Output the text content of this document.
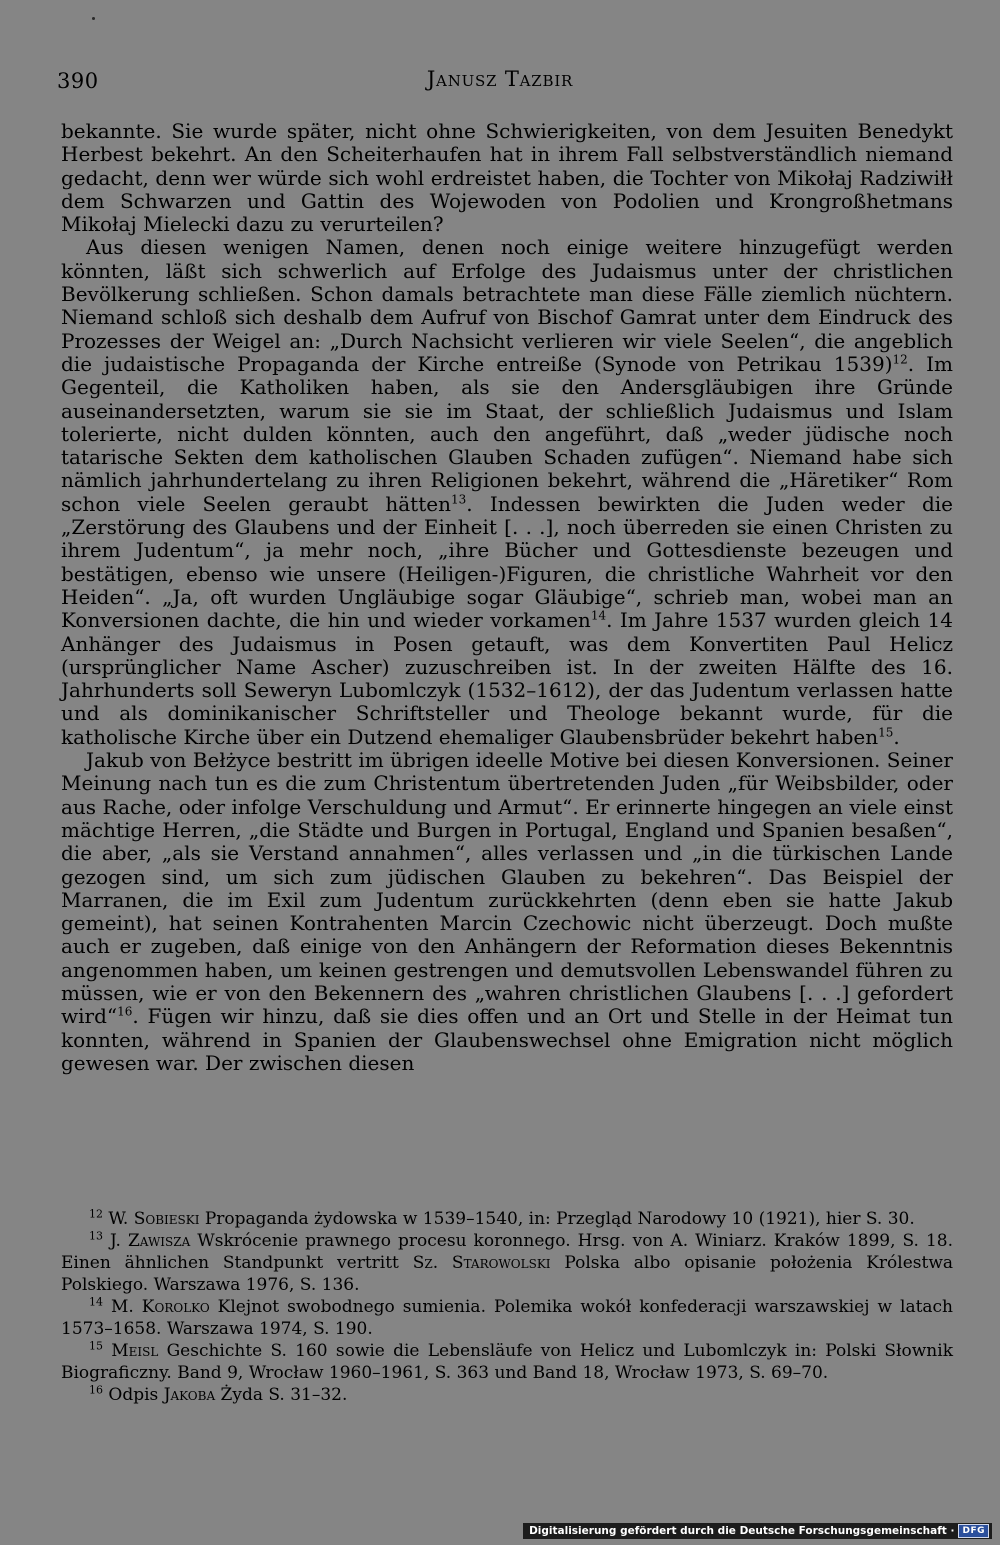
390	Janusz Tazbir

bekannte. Sie wurde später, nicht ohne Schwierigkeiten, von dem Jesuiten Benedykt Herbest bekehrt. An den Scheiterhaufen hat in ihrem Fall selbstverständlich niemand gedacht, denn wer würde sich wohl erdreistet haben, die Tochter von Mikołaj Radziwiłł dem Schwarzen und Gattin des Wojewoden von Podolien und Krongroßhetmans Mikołaj Mielecki dazu zu verurteilen?

Aus diesen wenigen Namen, denen noch einige weitere hinzugefügt werden könnten, läßt sich schwerlich auf Erfolge des Judaismus unter der christlichen Bevölkerung schließen. Schon damals betrachtete man diese Fälle ziemlich nüchtern. Niemand schloß sich deshalb dem Aufruf von Bischof Gamrat unter dem Eindruck des Prozesses der Weigel an: „Durch Nachsicht verlieren wir viele Seelen“, die angeblich die judaistische Propaganda der Kirche entreiße (Synode von Petrikau 1539)$^{12}$. Im Gegenteil, die Katholiken haben, als sie den Andersgläubigen ihre Gründe auseinandersetzten, warum sie sie im Staat, der schließlich Judaismus und Islam tolerierte, nicht dulden könnten, auch den angeführt, daß „weder jüdische noch tatarische Sekten dem katholischen Glauben Schaden zufügen“. Niemand habe sich nämlich jahrhundertelang zu ihren Religionen bekehrt, während die „Häretiker“ Rom schon viele Seelen geraubt hätten$^{13}$. Indessen bewirkten die Juden weder die „Zerstörung des Glaubens und der Einheit [. . .], noch überreden sie einen Christen zu ihrem Judentum“, ja mehr noch, „ihre Bücher und Gottesdienste bezeugen und bestätigen, ebenso wie unsere (Heiligen-)Figuren, die christliche Wahrheit vor den Heiden“. „Ja, oft wurden Ungläubige sogar Gläubige“, schrieb man, wobei man an Konversionen dachte, die hin und wieder vorkamen$^{14}$. Im Jahre 1537 wurden gleich 14 Anhänger des Judaismus in Posen getauft, was dem Konvertiten Paul Helicz (ursprünglicher Name Ascher) zuzuschreiben ist. In der zweiten Hälfte des 16. Jahrhunderts soll Seweryn Lubomlczyk (1532–1612), der das Judentum verlassen hatte und als dominikanischer Schriftsteller und Theologe bekannt wurde, für die katholische Kirche über ein Dutzend ehemaliger Glaubensbrüder bekehrt haben$^{15}$.

Jakub von Bełżyce bestritt im übrigen ideelle Motive bei diesen Konversionen. Seiner Meinung nach tun es die zum Christentum übertretenden Juden „für Weibsbilder, oder aus Rache, oder infolge Verschuldung und Armut“. Er erinnerte hingegen an viele einst mächtige Herren, „die Städte und Burgen in Portugal, England und Spanien besaßen“, die aber, „als sie Verstand annahmen“, alles verlassen und „in die türkischen Lande gezogen sind, um sich zum jüdischen Glauben zu bekehren“. Das Beispiel der Marranen, die im Exil zum Judentum zurückkehrten (denn eben sie hatte Jakub gemeint), hat seinen Kontrahenten Marcin Czechowic nicht überzeugt. Doch mußte auch er zugeben, daß einige von den Anhängern der Reformation dieses Bekenntnis angenommen haben, um keinen gestrengen und demutsvollen Lebenswandel führen zu müssen, wie er von den Bekennern des „wahren christlichen Glaubens [. . .] gefordert wird“$^{16}$. Fügen wir hinzu, daß sie dies offen und an Ort und Stelle in der Heimat tun konnten, während in Spanien der Glaubenswechsel ohne Emigration nicht möglich gewesen war. Der zwischen diesen

$^{12}$ W. Sobieski Propaganda żydowska w 1539–1540, in: Przegląd Narodowy 10 (1921), hier S. 30.

$^{13}$ J. Zawisza Wskrócenie prawnego procesu koronnego. Hrsg. von A. Winiarz. Kraków 1899, S. 18. Einen ähnlichen Standpunkt vertritt Sz. Starowolski Polska albo opisanie położenia Królestwa Polskiego. Warszawa 1976, S. 136.

$^{14}$ M. Korolko Klejnot swobodnego sumienia. Polemika wokół konfederacji warszawskiej w latach 1573–1658. Warszawa 1974, S. 190.

$^{15}$ Meisl Geschichte S. 160 sowie die Lebensläufe von Helicz und Lubomlczyk in: Polski Słownik Biograficzny. Band 9, Wrocław 1960–1961, S. 363 und Band 18, Wrocław 1973, S. 69–70.

$^{16}$ Odpis Jakoba Żyda S. 31–32.

Digitalisierung gefördert durch die Deutsche Forschungsgemeinschaft · DFG
